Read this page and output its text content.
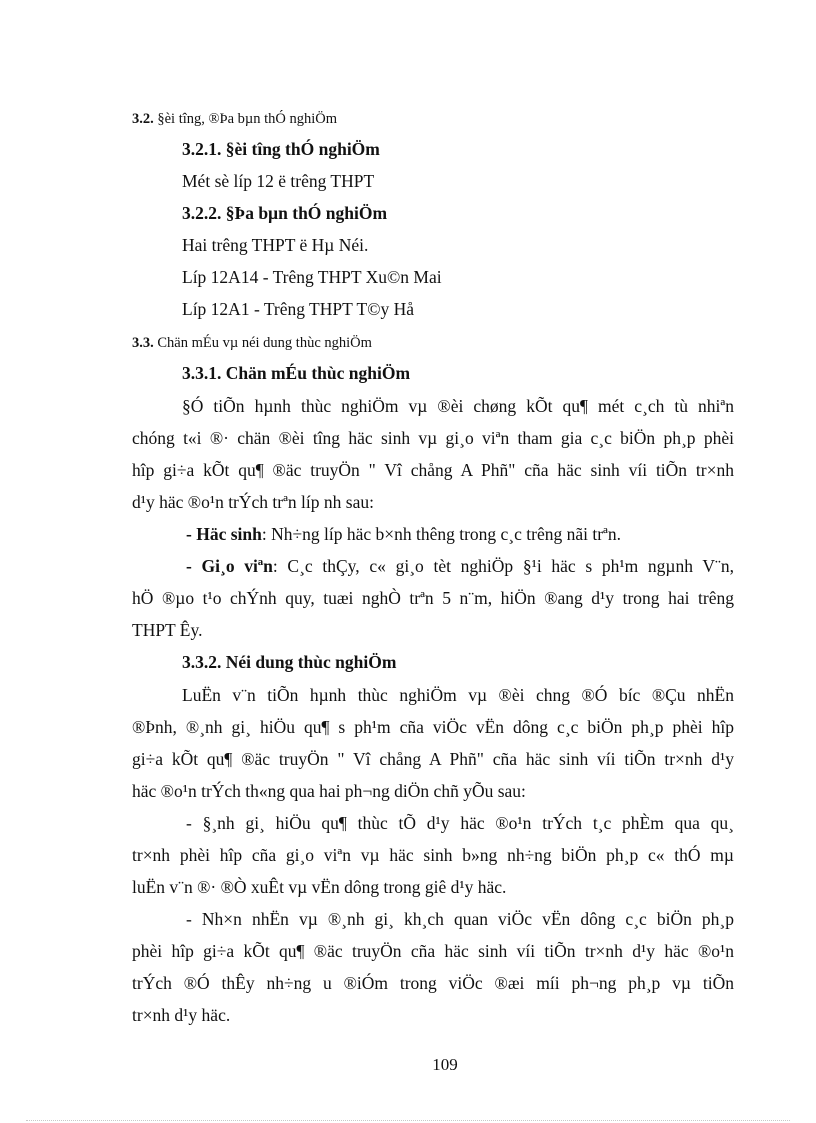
3.2. §èi tîng, ®Þa bµn thÓ nghiÖm
3.2.1. §èi tîng thÓ nghiÖm
Mét sè líp 12 ë trêng THPT
3.2.2. §Þa bµn thÓ nghiÖm
Hai trêng THPT ë Hµ Néi.
Líp 12A14 - Trêng THPT Xu©n Mai
Líp 12A1 - Trêng THPT T©y Hå
3.3. Chän mÉu vµ néi dung thùc nghiÖm
3.3.1. Chän mÉu thùc nghiÖm
§Ó tiÕn hµnh thùc nghiÖm vµ ®èi chøng kÕt qu¶ mét c¸ch tù nhiªn
chóng t«i ®· chän ®èi tîng häc sinh vµ gi¸o viªn tham gia c¸c biÖn ph¸p phèi
hîp gi÷a kÕt qu¶ ®äc truyÖn " Vî chång A Phñ" cña häc sinh víi tiÕn tr×nh
d¹y häc ®o¹n trÝch trªn líp nh sau:
- Häc sinh: Nh÷ng líp häc b×nh thêng trong c¸c trêng nãi trªn.
- Gi¸o viªn: C¸c thÇy, c« gi¸o tèt nghiÖp §¹i häc s ph¹m ngµnh V¨n,
hÖ ®µo t¹o chÝnh quy, tuæi nghÒ trªn 5 n¨m, hiÖn ®ang d¹y trong hai trêng
THPT Êy.
3.3.2. Néi dung thùc nghiÖm
LuËn v¨n tiÕn hµnh thùc nghiÖm vµ ®èi chng ®Ó bíc ®Çu nhËn
®Þnh, ®¸nh gi¸ hiÖu qu¶ s ph¹m cña viÖc vËn dông c¸c biÖn ph¸p phèi hîp
gi÷a kÕt qu¶ ®äc truyÖn " Vî chång A Phñ" cña häc sinh víi tiÕn tr×nh d¹y
häc ®o¹n trÝch th«ng qua hai ph¬ng diÖn chñ yÕu sau:
- §¸nh gi¸ hiÖu qu¶ thùc tÕ d¹y häc ®o¹n trÝch t¸c phÈm qua qu¸
tr×nh phèi hîp cña gi¸o viªn vµ häc sinh b»ng nh÷ng biÖn ph¸p c« thÓ mµ
luËn v¨n ®· ®Ò xuÊt vµ vËn dông trong giê d¹y häc.
- Nh×n nhËn vµ ®¸nh gi¸ kh¸ch quan viÖc vËn dông c¸c biÖn ph¸p
phèi hîp gi÷a kÕt qu¶ ®äc truyÖn cña häc sinh víi tiÕn tr×nh d¹y häc ®o¹n
trÝch ®Ó thÊy nh÷ng u ®iÓm trong viÖc ®æi míi ph¬ng ph¸p vµ tiÕn
tr×nh d¹y häc.
109
